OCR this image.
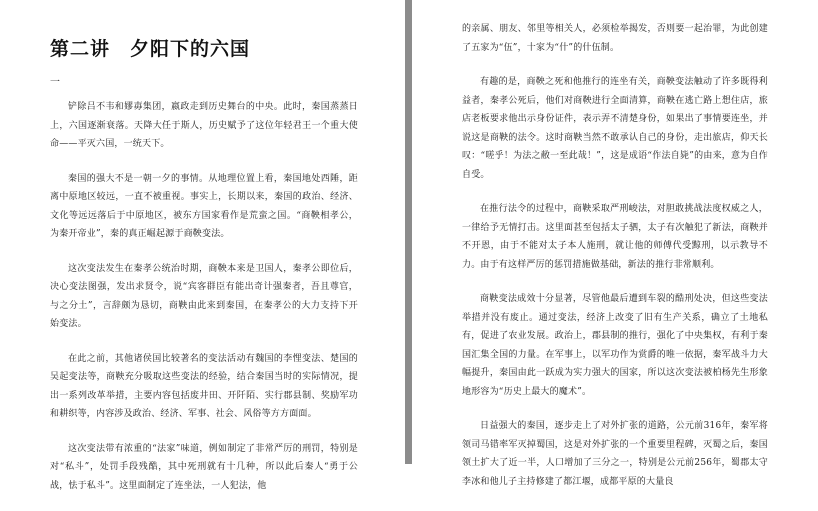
第二讲　夕阳下的六国
一

铲除吕不韦和嫪毐集团，嬴政走到历史舞台的中央。此时，秦国蒸蒸日上，六国逐渐衰落。天降大任于斯人，历史赋予了这位年轻君王一个重大使命——平灭六国，一统天下。

秦国的强大不是一朝一夕的事情。从地理位置上看，秦国地处西陲，距离中原地区较远，一直不被重视。事实上，长期以来，秦国的政治、经济、文化等远远落后于中原地区，被东方国家看作是荒蛮之国。“商鞅相孝公，为秦开帝业”，秦的真正崛起源于商鞅变法。

这次变法发生在秦孝公统治时期，商鞅本来是卫国人，秦孝公即位后，决心变法图强，发出求贤令，说“宾客群臣有能出奇计强秦者，吾且尊官，与之分土”，言辞颇为恳切，商鞅由此来到秦国，在秦孝公的大力支持下开始变法。

在此之前，其他诸侯国比较著名的变法活动有魏国的李悝变法、楚国的吴起变法等，商鞅充分吸取这些变法的经验，结合秦国当时的实际情况，提出一系列改革举措，主要内容包括废井田、开阡陌、实行郡县制、奖励军功和耕织等，内容涉及政治、经济、军事、社会、风俗等方方面面。

这次变法带有浓重的“法家”味道，例如制定了非常严厉的刑罚，特别是对“私斗”，处罚手段残酷，其中死刑就有十几种，所以此后秦人“勇于公战，怯于私斗”。这里面制定了连坐法，一人犯法，他

的亲属、朋友、邻里等相关人，必须检举揭发，否则要一起治罪，为此创建了五家为“伍”，十家为“什”的什伍制。

有趣的是，商鞅之死和他推行的连坐有关，商鞅变法触动了许多既得利益者，秦孝公死后，他们对商鞅进行全面清算，商鞅在逃亡路上想住店，旅店老板要求他出示身份证件，表示弄不清楚身份，如果出了事情要连坐，并说这是商鞅的法令。这时商鞅当然不敢承认自己的身份，走出旅店，仰天长叹：“嗟乎！为法之敝一至此哉！”，这是成语“作法自毙”的由来，意为自作自受。

在推行法令的过程中，商鞅采取严刑峻法，对胆敢挑战法度权威之人，一律给予无情打击。这里面甚至包括太子驷，太子有次触犯了新法，商鞅并不开恩，由于不能对太子本人施刑，就让他的师傅代受黥刑，以示教导不力。由于有这样严厉的惩罚措施做基础，新法的推行非常顺利。

商鞅变法成效十分显著，尽管他最后遭到车裂的酷刑处决，但这些变法举措并没有废止。通过变法，经济上改变了旧有生产关系，确立了土地私有，促进了农业发展。政治上，郡县制的推行，强化了中央集权，有利于秦国汇集全国的力量。在军事上，以军功作为赏爵的唯一依据，秦军战斗力大幅提升，秦国由此一跃成为实力强大的国家，所以这次变法被柏杨先生形象地形容为“历史上最大的魔术”。

日益强大的秦国，逐步走上了对外扩张的道路，公元前316年，秦军将领司马错率军灭掉蜀国，这是对外扩张的一个重要里程碑，灭蜀之后，秦国领土扩大了近一半，人口增加了三分之一，特别是公元前256年，蜀郡太守李冰和他儿子主持修建了都江堰，成都平原的大量良
